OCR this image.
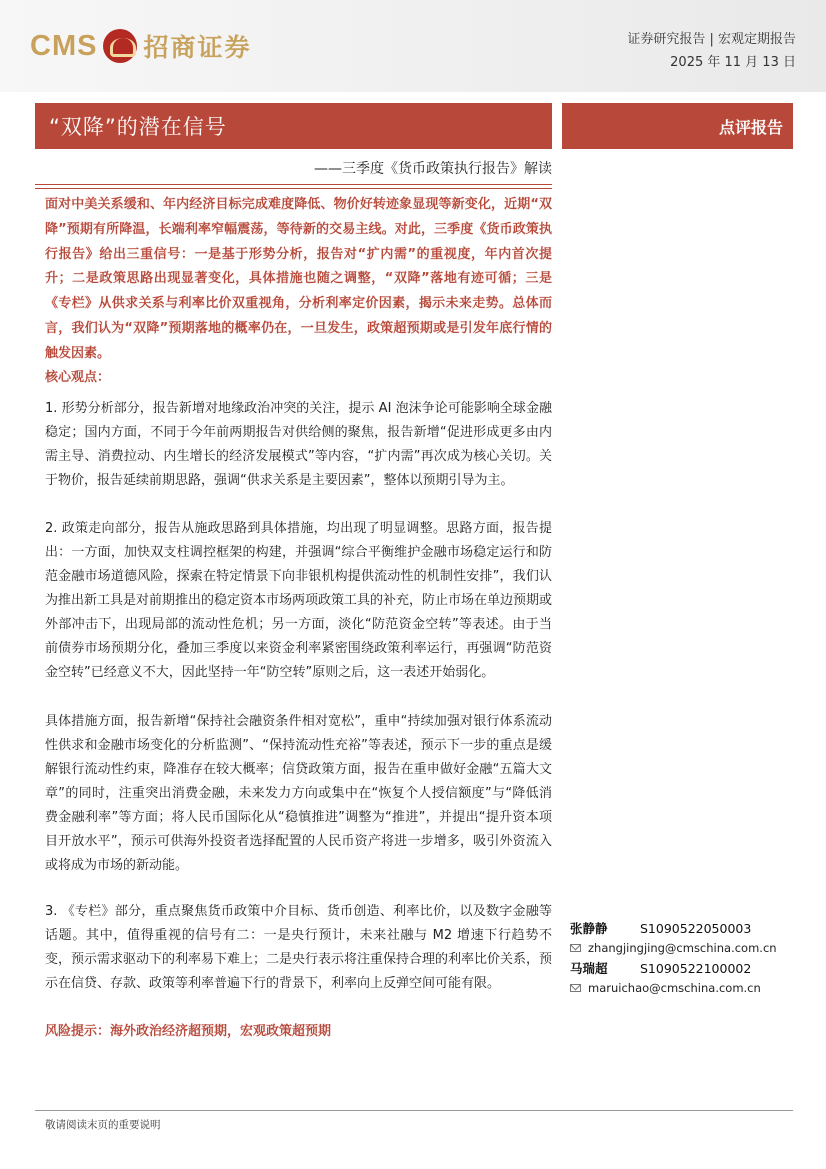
CMS 招商证券	证券研究报告 | 宏观定期报告
2025 年 11 月 13 日
“双降”的潜在信号	点评报告
——三季度《货币政策执行报告》解读
面对中美关系缓和、年内经济目标完成难度降低、物价好转迹象显现等新变化，近期“双降”预期有所降温，长端利率窄幅震荡，等待新的交易主线。对此，三季度《货币政策执行报告》给出三重信号：一是基于形势分析，报告对“扩内需”的重视度，年内首次提升；二是政策思路出现显著变化，具体措施也随之调整，“双降”落地有迹可循；三是《专栏》从供求关系与利率比价双重视角，分析利率定价因素，揭示未来走势。总体而言，我们认为“双降”预期落地的概率仍在，一旦发生，政策超预期或是引发年底行情的触发因素。
核心观点：
1. 形势分析部分，报告新增对地缘政治冲突的关注，提示 AI 泡沫争论可能影响全球金融稳定；国内方面，不同于今年前两期报告对供给侧的聚焦，报告新增“促进形成更多由内需主导、消费拉动、内生增长的经济发展模式”等内容，“扩内需”再次成为核心关切。关于物价，报告延续前期思路，强调“供求关系是主要因素”，整体以预期引导为主。
2. 政策走向部分，报告从施政思路到具体措施，均出现了明显调整。思路方面，报告提出：一方面，加快双支柱调控框架的构建，并强调“综合平衡维护金融市场稳定运行和防范金融市场道德风险，探索在特定情景下向非银机构提供流动性的机制性安排”，我们认为推出新工具是对前期推出的稳定资本市场两项政策工具的补充，防止市场在单边预期或外部冲击下，出现局部的流动性危机；另一方面，淡化“防范资金空转”等表述。由于当前债券市场预期分化，叠加三季度以来资金利率紧密围绕政策利率运行，再强调“防范资金空转”已经意义不大，因此坚持一年“防空转”原则之后，这一表述开始弱化。
具体措施方面，报告新增“保持社会融资条件相对宽松”，重申“持续加强对银行体系流动性供求和金融市场变化的分析监测”、“保持流动性充裕”等表述，预示下一步的重点是缓解银行流动性约束，降准存在较大概率；信贷政策方面，报告在重申做好金融“五篇大文章”的同时，注重突出消费金融，未来发力方向或集中在“恢复个人授信额度”与“降低消费金融利率”等方面；将人民币国际化从“稳慎推进”调整为“推进”，并提出“提升资本项目开放水平”，预示可供海外投资者选择配置的人民币资产将进一步增多，吸引外资流入或将成为市场的新动能。
3. 《专栏》部分，重点聚焦货币政策中介目标、货币创造、利率比价，以及数字金融等话题。其中，值得重视的信号有二：一是央行预计，未来社融与 M2 增速下行趋势不变，预示需求驱动下的利率易下难上；二是央行表示将注重保持合理的利率比价关系，预示在信贷、存款、政策等利率普遍下行的背景下，利率向上反弹空间可能有限。
风险提示：海外政治经济超预期，宏观政策超预期
张静静	S1090522050003
zhangjingjing@cmschina.com.cn
马瑞超	S1090522100002
maruichao@cmschina.com.cn
敬请阅读末页的重要说明
